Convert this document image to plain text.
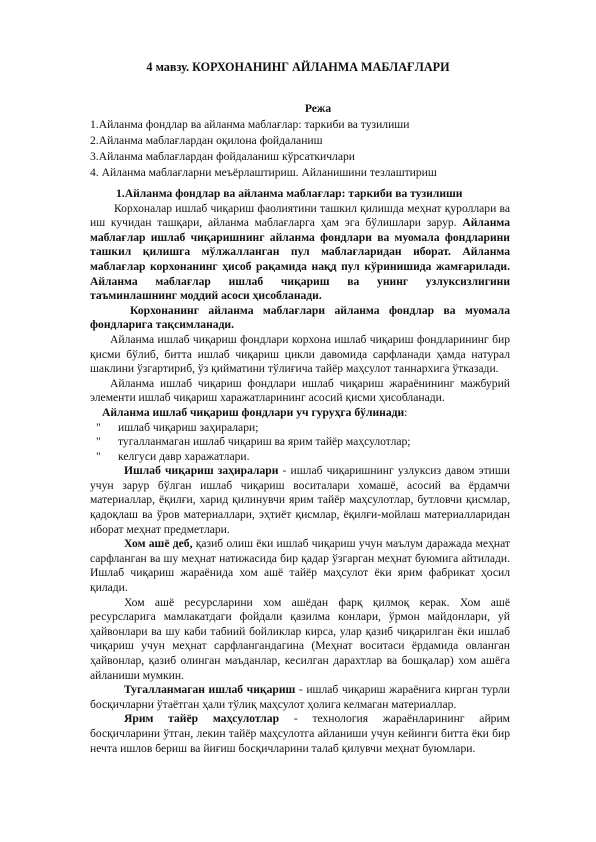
4 мавзу. КОРХОНАНИНГ АЙЛАНМА МАБЛАҒЛАРИ
Режа
1.Айланма фондлар ва айланма маблағлар: таркиби ва тузилиши
2.Айланма маблағлардан оқилона фойдаланиш
3.Айланма маблағлардан фойдаланиш кўрсаткичлари
4. Айланма маблағларни меъёрлаштириш. Айланишини тезлаштириш

1.Айланма фондлар ва айланма маблағлар: таркиби ва тузилиши

Корхоналар ишлаб чиқариш фаолиятини ташкил қилишда меҳнат қуроллари ва иш кучидан ташқари, айланма маблағларга ҳам эга бўлишлари зарур. Айланма маблағлар ишлаб чиқаришнинг айланма фондлари ва муомала фондларини ташкил қилишга мўлжалланган пул маблағларидан иборат. Айланма маблағлар корхонанинг ҳисоб рақамида нақд пул кўринишида жамғарилади. Айланма маблағлар ишлаб чиқариш ва унинг узлуксизлигини таъминлашнинг моддий асоси ҳисобланади.

Корхонанинг айланма маблағлари айланма фондлар ва муомала фондларига тақсимланади.

Айланма ишлаб чиқариш фондлари корхона ишлаб чиқариш фондларининг бир қисми бўлиб, битта ишлаб чиқариш цикли давомида сарфланади ҳамда натурал шаклини ўзгартириб, ўз қийматини тўлиғича тайёр маҳсулот таннархига ўтказади.

Айланма ишлаб чиқариш фондлари ишлаб чиқариш жараёнининг мажбурий элементи ишлаб чиқариш харажатларининг асосий қисми ҳисобланади.

Айланма ишлаб чиқариш фондлари уч гуруҳга бўлинади:

" ишлаб чиқариш заҳиралари;
" тугалланмаган ишлаб чиқариш ва ярим тайёр маҳсулотлар;
" келгуси давр харажатлари.

Ишлаб чиқариш заҳиралари - ишлаб чиқаришнинг узлуксиз давом этиши учун зарур бўлган ишлаб чиқариш воситалари хомашё, асосий ва ёрдамчи материаллар, ёқилғи, харид қилинувчи ярим тайёр маҳсулотлар, бутловчи қисмлар, қадоқлаш ва ўров материаллари, эҳтиёт қисмлар, ёқилғи-мойлаш материалларидан иборат меҳнат предметлари.

Хом ашё деб, қазиб олиш ёки ишлаб чиқариш учун маълум даражада меҳнат сарфланган ва шу меҳнат натижасида бир қадар ўзгарган меҳнат буюмига айтилади. Ишлаб чиқариш жараёнида хом ашё тайёр маҳсулот ёки ярим фабрикат ҳосил қилади.

Хом ашё ресурсларини хом ашёдан фарқ қилмоқ керак. Хом ашё ресурсларига мамлакатдаги фойдали қазилма конлари, ўрмон майдонлари, уй ҳайвонлари ва шу каби табиий бойликлар кирса, улар қазиб чиқарилган ёки ишлаб чиқариш учун меҳнат сарфлангандагина (Меҳнат воситаси ёрдамида овланган ҳайвонлар, қазиб олинган маъданлар, кесилган дарахтлар ва бошқалар) хом ашёга айланиши мумкин.

Тугалланмаган ишлаб чиқариш - ишлаб чиқариш жараёнига кирган турли босқичларни ўтаётган ҳали тўлиқ маҳсулот ҳолига келмаган материаллар.

Ярим тайёр маҳсулотлар - технология жараёнларининг айрим босқичларини ўтган, лекин тайёр маҳсулотга айланиши учун кейинги битта ёки бир нечта ишлов бериш ва йиғиш босқичларини талаб қилувчи меҳнат буюмлари.
